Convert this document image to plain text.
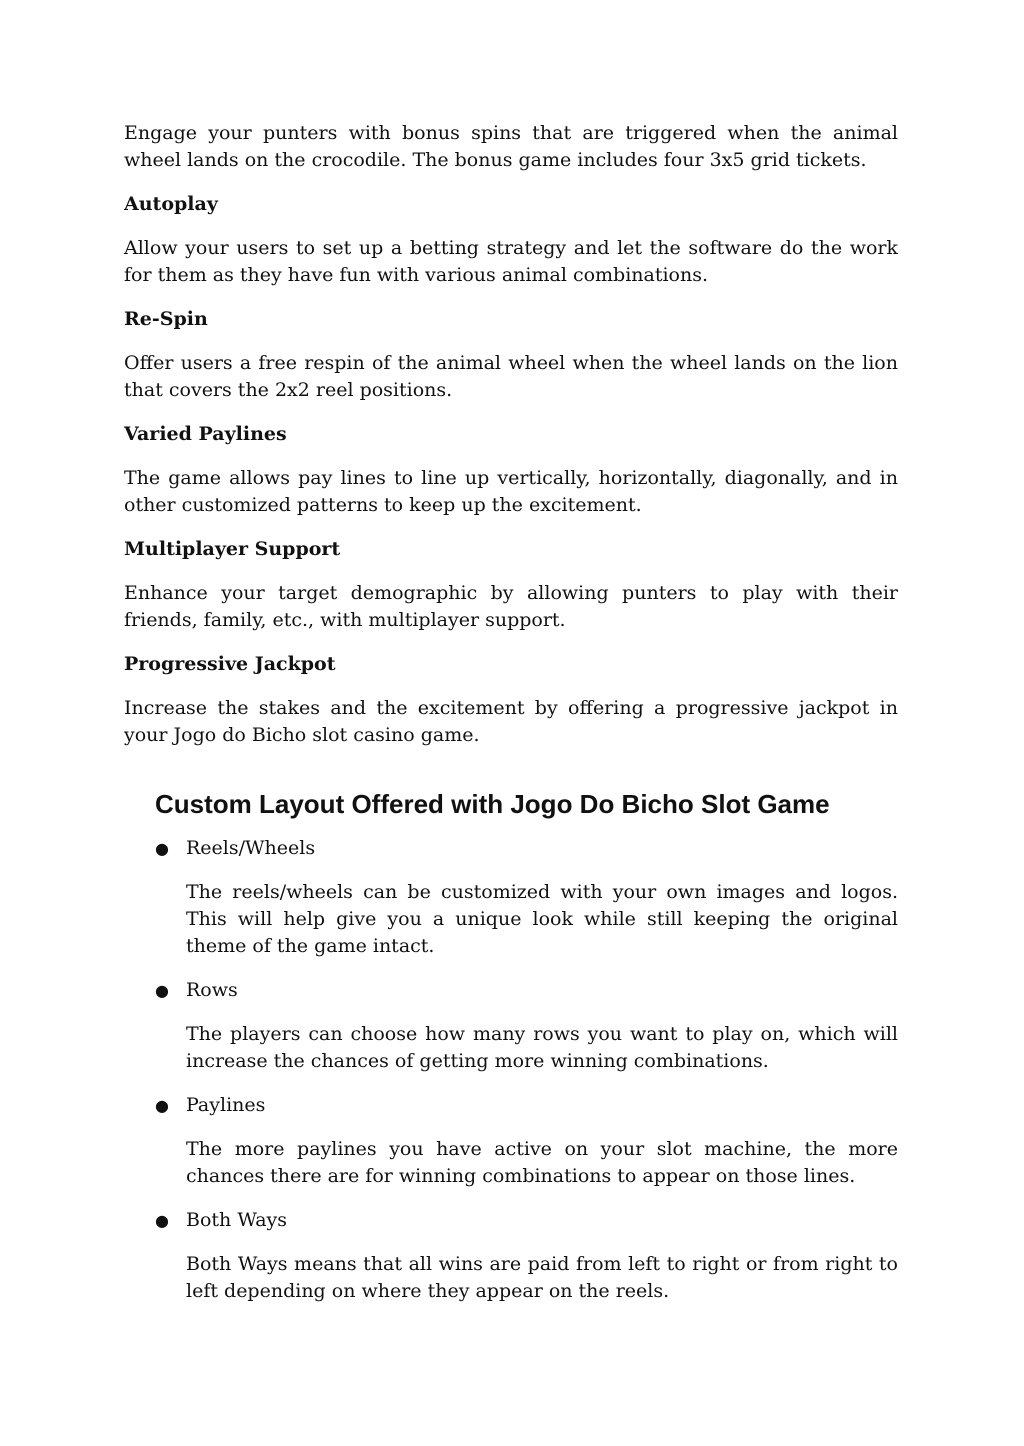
Engage your punters with bonus spins that are triggered when the animal wheel lands on the crocodile. The bonus game includes four 3x5 grid tickets.

Autoplay

Allow your users to set up a betting strategy and let the software do the work for them as they have fun with various animal combinations.

Re-Spin

Offer users a free respin of the animal wheel when the wheel lands on the lion that covers the 2x2 reel positions.

Varied Paylines

The game allows pay lines to line up vertically, horizontally, diagonally, and in other customized patterns to keep up the excitement.

Multiplayer Support

Enhance your target demographic by allowing punters to play with their friends, family, etc., with multiplayer support.

Progressive Jackpot

Increase the stakes and the excitement by offering a progressive jackpot in your Jogo do Bicho slot casino game.

Custom Layout Offered with Jogo Do Bicho Slot Game
● Reels/Wheels

The reels/wheels can be customized with your own images and logos. This will help give you a unique look while still keeping the original theme of the game intact.

● Rows

The players can choose how many rows you want to play on, which will increase the chances of getting more winning combinations.

● Paylines

The more paylines you have active on your slot machine, the more chances there are for winning combinations to appear on those lines.

● Both Ways

Both Ways means that all wins are paid from left to right or from right to left depending on where they appear on the reels.
